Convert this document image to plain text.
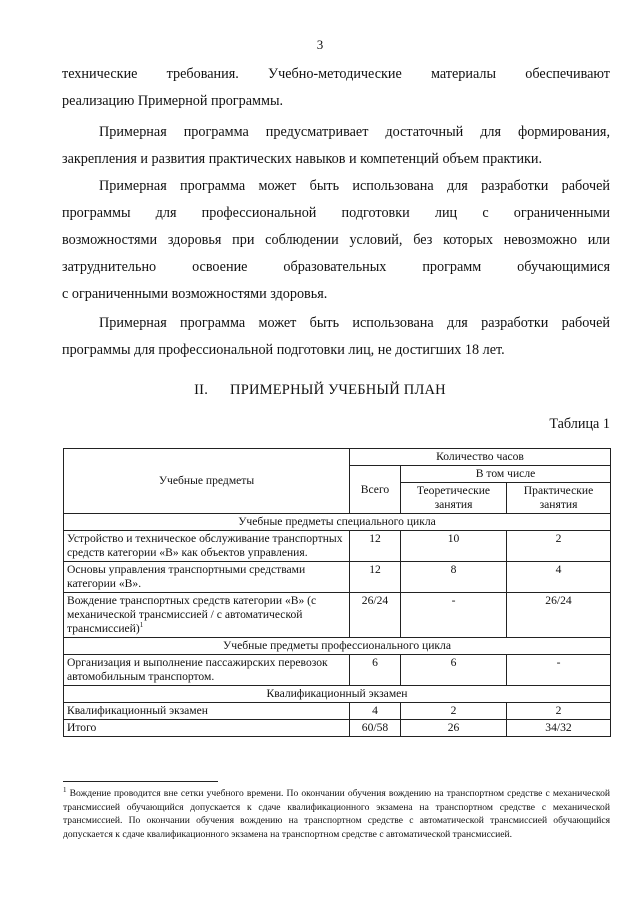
3

технические требования. Учебно-методические материалы обеспечивают

реализацию Примерной программы.

Примерная программа предусматривает достаточный для формирования,

закрепления и развития практических навыков и компетенций объем практики.

Примерная программа может быть использована для разработки рабочей

программы для профессиональной подготовки лиц с ограниченными

возможностями здоровья при соблюдении условий, без которых невозможно или

затруднительно освоение образовательных программ обучающимися

с ограниченными возможностями здоровья.

Примерная программа может быть использована для разработки рабочей

программы для профессиональной подготовки лиц, не достигших 18 лет.

II. ПРИМЕРНЫЙ УЧЕБНЫЙ ПЛАН
Таблица 1
Учебные предметы	Количество часов		
	Всего	В том числе	
		Теоретические занятия	Практические занятия
Учебные предметы специального цикла			
Устройство и техническое обслуживание транспортных средств категории «В» как объектов управления.	12	10	2
Основы управления транспортными средствами категории «В».	12	8	4
Вождение транспортных средств категории «В» (с механической трансмиссией / с автоматической трансмиссией)$^1$	26/24	-	26/24
Учебные предметы профессионального цикла			
Организация и выполнение пассажирских перевозок автомобильным транспортом.	6	6	-
Квалификационный экзамен			
Квалификационный экзамен	4	2	2
Итого	60/58	26	34/32

$^1$ Вождение проводится вне сетки учебного времени. По окончании обучения вождению на транспортном средстве с механической трансмиссией обучающийся допускается к сдаче квалификационного экзамена на транспортном средстве с механической трансмиссией. По окончании обучения вождению на транспортном средстве с автоматической трансмиссией обучающийся допускается к сдаче квалификационного экзамена на транспортном средстве с автоматической трансмиссией.
